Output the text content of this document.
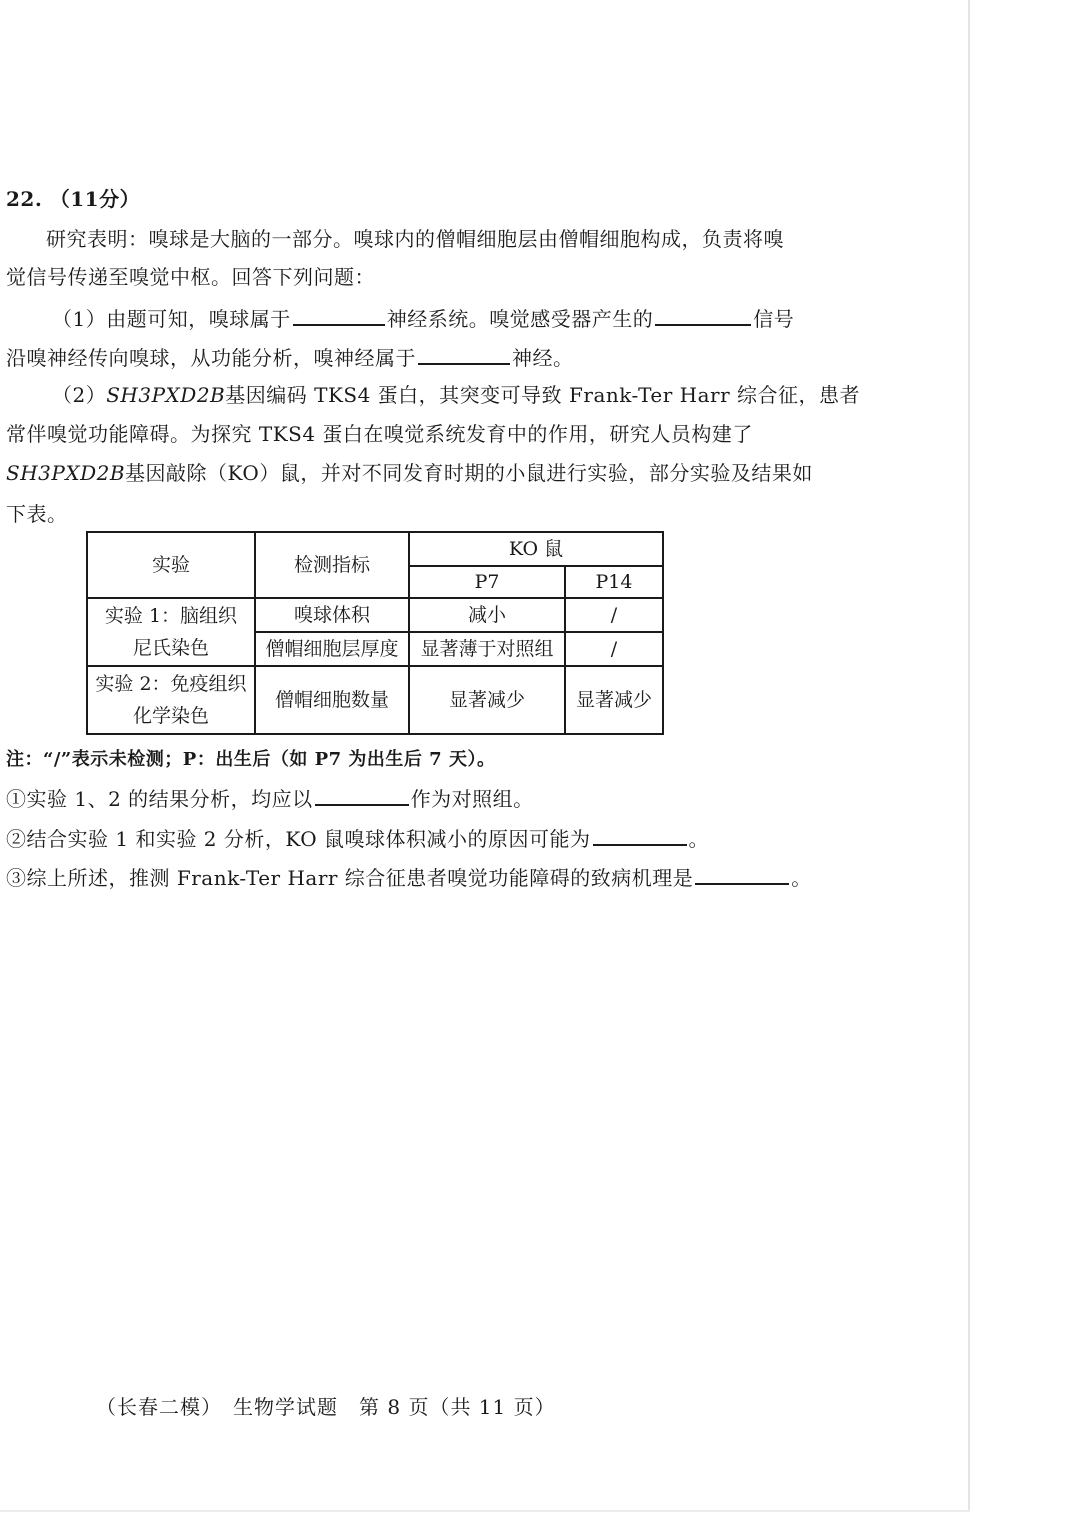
22. （11分）
研究表明：嗅球是大脑的一部分。嗅球内的僧帽细胞层由僧帽细胞构成，负责将嗅
觉信号传递至嗅觉中枢。回答下列问题：
（1）由题可知，嗅球属于	神经系统。嗅觉感受器产生的	信号
沿嗅神经传向嗅球，从功能分析，嗅神经属于	神经。
（2）SH3PXD2B基因编码 TKS4 蛋白，其突变可导致 Frank-Ter Harr 综合征，患者
常伴嗅觉功能障碍。为探究 TKS4 蛋白在嗅觉系统发育中的作用，研究人员构建了
SH3PXD2B基因敲除（KO）鼠，并对不同发育时期的小鼠进行实验，部分实验及结果如
下表。
实验	检测指标	KO 鼠	
		P7	P14

实验 1：脑组织
尼氏染色	嗅球体积	减小	/
	僧帽细胞层厚度	显著薄于对照组	/

实验 2：免疫组织
化学染色	僧帽细胞数量	显著减少	显著减少
注：“/”表示未检测；P：出生后（如 P7 为出生后 7 天）。
①实验 1、2 的结果分析，均应以	作为对照组。
②结合实验 1 和实验 2 分析，KO 鼠嗅球体积减小的原因可能为	。
③综上所述，推测 Frank-Ter Harr 综合征患者嗅觉功能障碍的致病机理是	。
（长春二模）　生物学试题　第 8 页（共 11 页）
